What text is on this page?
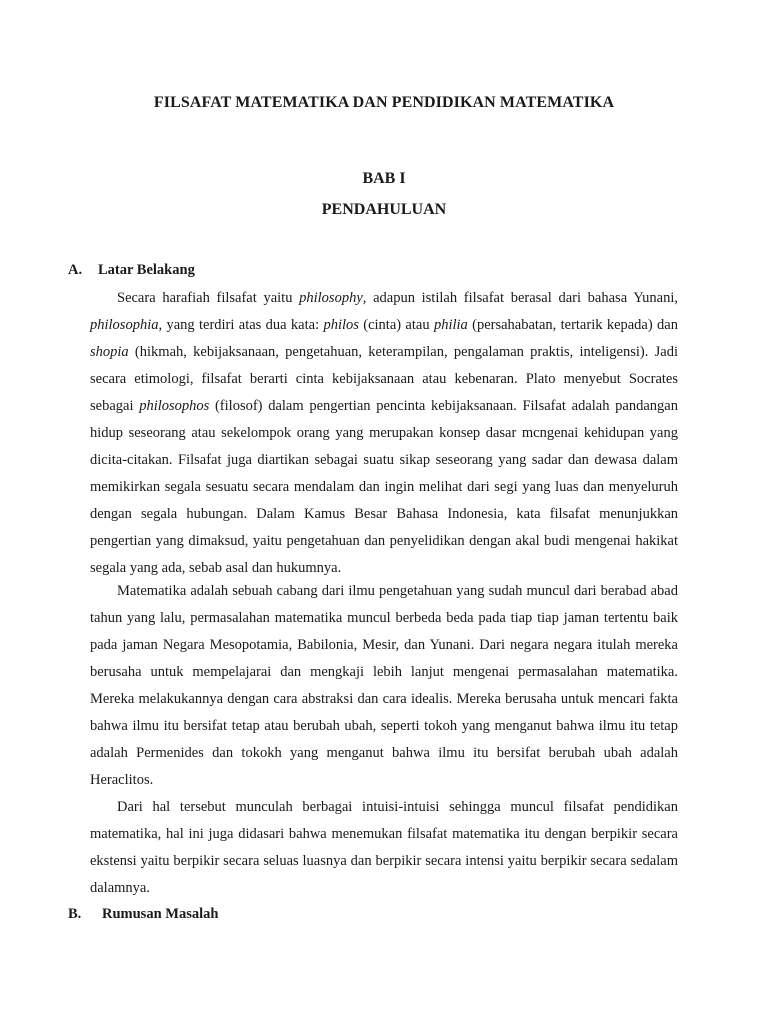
FILSAFAT MATEMATIKA DAN PENDIDIKAN MATEMATIKA
BAB I
PENDAHULUAN
A. Latar Belakang

Secara harafiah filsafat yaitu philosophy, adapun istilah filsafat berasal dari bahasa Yunani, philosophia, yang terdiri atas dua kata: philos (cinta) atau philia (persahabatan, tertarik kepada) dan shopia (hikmah, kebijaksanaan, pengetahuan, keterampilan, pengalaman praktis, inteligensi). Jadi secara etimologi, filsafat berarti cinta kebijaksanaan atau kebenaran. Plato menyebut Socrates sebagai philosophos (filosof) dalam pengertian pencinta kebijaksanaan. Filsafat adalah pandangan hidup seseorang atau sekelompok orang yang merupakan konsep dasar mcngenai kehidupan yang dicita-citakan. Filsafat juga diartikan sebagai suatu sikap seseorang yang sadar dan dewasa dalam memikirkan segala sesuatu secara mendalam dan ingin melihat dari segi yang luas dan menyeluruh dengan segala hubungan. Dalam Kamus Besar Bahasa Indonesia, kata filsafat menunjukkan pengertian yang dimaksud, yaitu pengetahuan dan penyelidikan dengan akal budi mengenai hakikat segala yang ada, sebab asal dan hukumnya.

Matematika adalah sebuah cabang dari ilmu pengetahuan yang sudah muncul dari berabad abad tahun yang lalu, permasalahan matematika muncul berbeda beda pada tiap tiap jaman tertentu baik pada jaman Negara Mesopotamia, Babilonia, Mesir, dan Yunani. Dari negara negara itulah mereka berusaha untuk mempelajarai dan mengkaji lebih lanjut mengenai permasalahan matematika. Mereka melakukannya dengan cara abstraksi dan cara idealis. Mereka berusaha untuk mencari fakta bahwa ilmu itu bersifat tetap atau berubah ubah, seperti tokoh yang menganut bahwa ilmu itu tetap adalah Permenides dan tokokh yang menganut bahwa ilmu itu bersifat berubah ubah adalah Heraclitos.

Dari hal tersebut munculah berbagai intuisi-intuisi sehingga muncul filsafat pendidikan matematika, hal ini juga didasari bahwa menemukan filsafat matematika itu dengan berpikir secara ekstensi yaitu berpikir secara seluas luasnya dan berpikir secara intensi yaitu berpikir secara sedalam dalamnya.

B. Rumusan Masalah
